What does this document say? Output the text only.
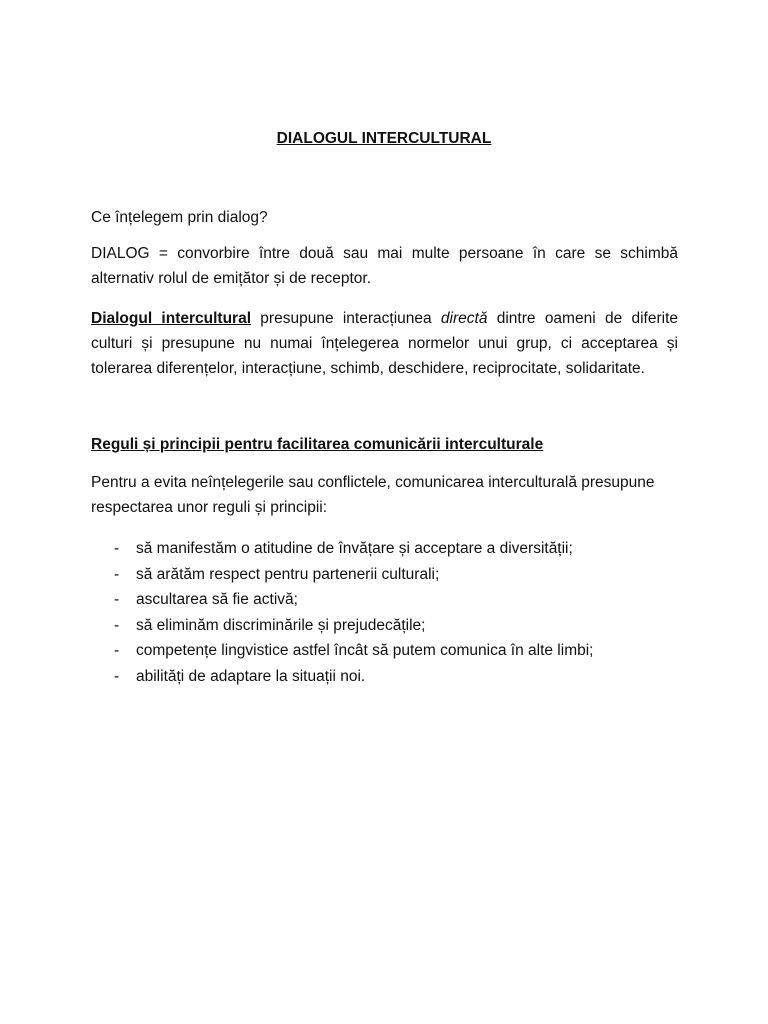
DIALOGUL INTERCULTURAL
Ce înțelegem prin dialog?
DIALOG = convorbire între două sau mai multe persoane în care se schimbă alternativ rolul de emițător și de receptor.
Dialogul intercultural presupune interacțiunea directă dintre oameni de diferite culturi și presupune nu numai înțelegerea normelor unui grup, ci acceptarea și tolerarea diferențelor, interacțiune, schimb, deschidere, reciprocitate, solidaritate.
Reguli și principii pentru facilitarea comunicării interculturale
Pentru a evita neînțelegerile sau conflictele, comunicarea interculturală presupune respectarea unor reguli și principii:
- să manifestăm o atitudine de învățare și acceptare a diversității;
- să arătăm respect pentru partenerii culturali;
- ascultarea să fie activă;
- să eliminăm discriminările și prejudecățile;
- competențe lingvistice astfel încât să putem comunica în alte limbi;
- abilități de adaptare la situații noi.
